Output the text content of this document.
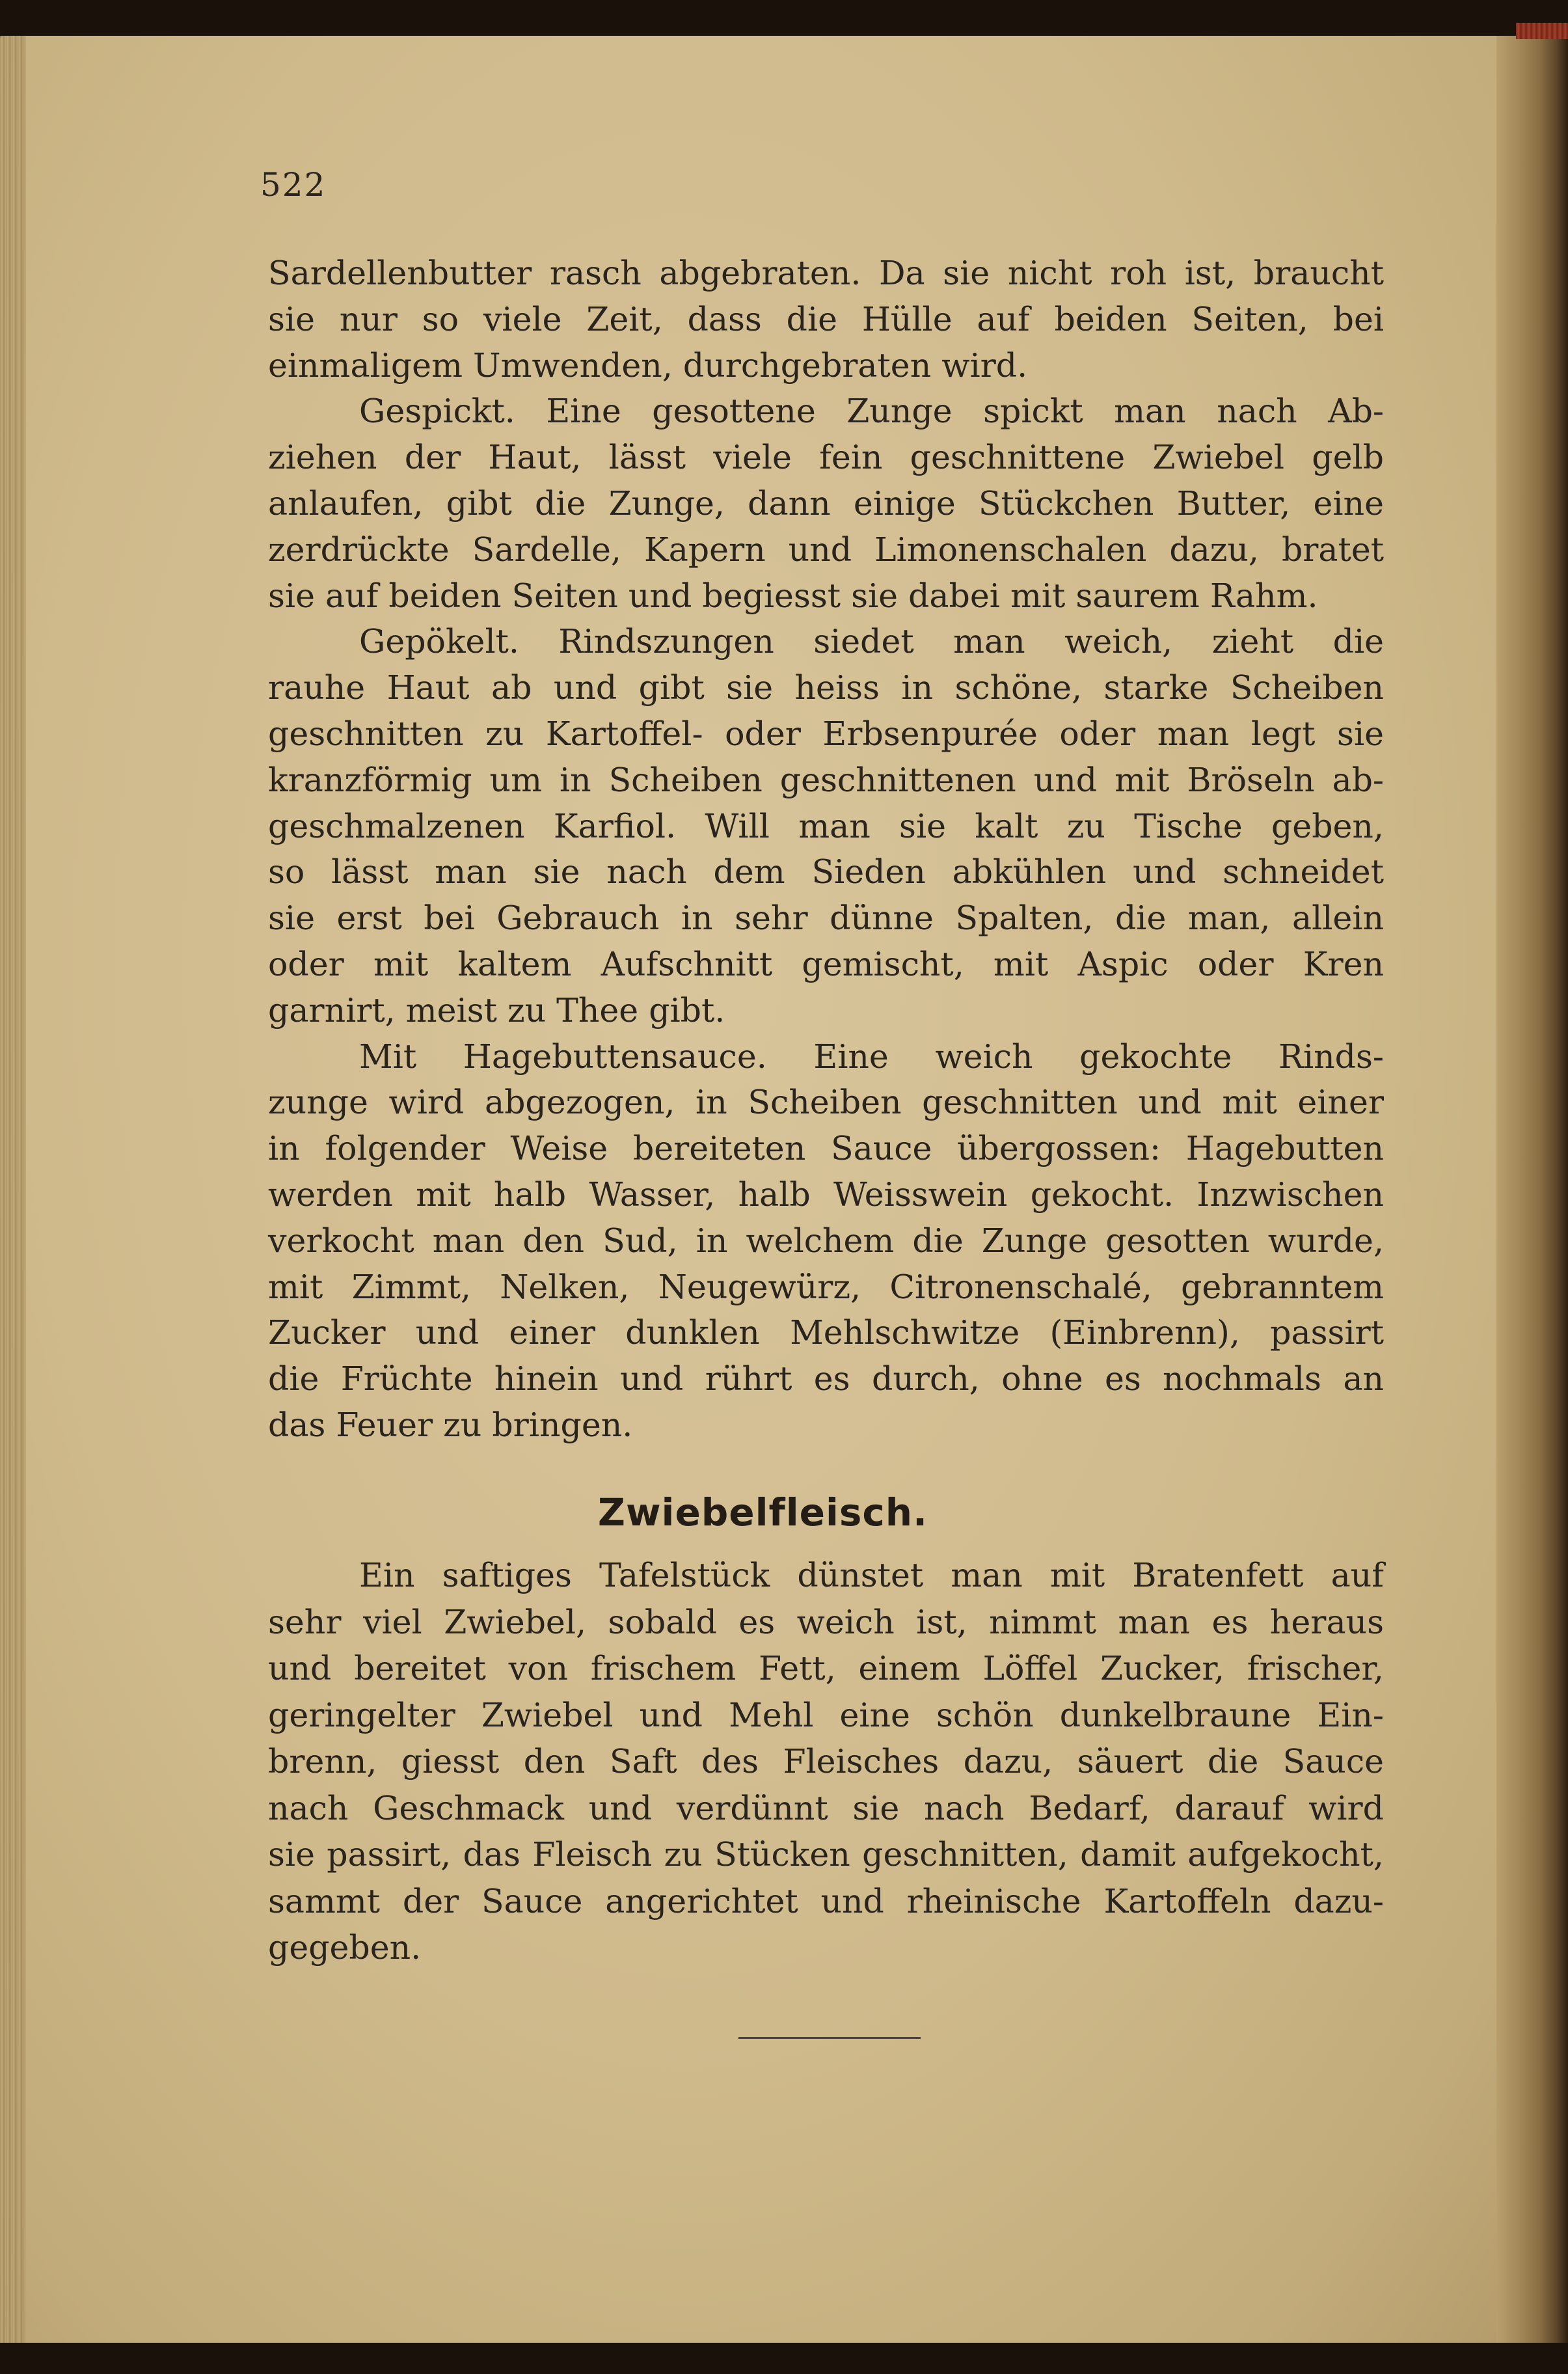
522
Sardellenbutter rasch abgebraten. Da sie nicht roh ist, braucht
sie nur so viele Zeit, dass die Hülle auf beiden Seiten, bei
einmaligem Umwenden, durchgebraten wird.
Gespickt. Eine gesottene Zunge spickt man nach Ab-
ziehen der Haut, lässt viele fein geschnittene Zwiebel gelb
anlaufen, gibt die Zunge, dann einige Stückchen Butter, eine
zerdrückte Sardelle, Kapern und Limonenschalen dazu, bratet
sie auf beiden Seiten und begiesst sie dabei mit saurem Rahm.
Gepökelt. Rindszungen siedet man weich, zieht die
rauhe Haut ab und gibt sie heiss in schöne, starke Scheiben
geschnitten zu Kartoffel- oder Erbsenpurée oder man legt sie
kranzförmig um in Scheiben geschnittenen und mit Bröseln ab-
geschmalzenen Karfiol. Will man sie kalt zu Tische geben,
so lässt man sie nach dem Sieden abkühlen und schneidet
sie erst bei Gebrauch in sehr dünne Spalten, die man, allein
oder mit kaltem Aufschnitt gemischt, mit Aspic oder Kren
garnirt, meist zu Thee gibt.
Mit Hagebuttensauce. Eine weich gekochte Rinds-
zunge wird abgezogen, in Scheiben geschnitten und mit einer
in folgender Weise bereiteten Sauce übergossen: Hagebutten
werden mit halb Wasser, halb Weisswein gekocht. Inzwischen
verkocht man den Sud, in welchem die Zunge gesotten wurde,
mit Zimmt, Nelken, Neugewürz, Citronenschalé, gebranntem
Zucker und einer dunklen Mehlschwitze (Einbrenn), passirt
die Früchte hinein und rührt es durch, ohne es nochmals an
das Feuer zu bringen.
Zwiebelfleisch.
Ein saftiges Tafelstück dünstet man mit Bratenfett auf
sehr viel Zwiebel, sobald es weich ist, nimmt man es heraus
und bereitet von frischem Fett, einem Löffel Zucker, frischer,
geringelter Zwiebel und Mehl eine schön dunkelbraune Ein-
brenn, giesst den Saft des Fleisches dazu, säuert die Sauce
nach Geschmack und verdünnt sie nach Bedarf, darauf wird
sie passirt, das Fleisch zu Stücken geschnitten, damit aufgekocht,
sammt der Sauce angerichtet und rheinische Kartoffeln dazu-
gegeben.
